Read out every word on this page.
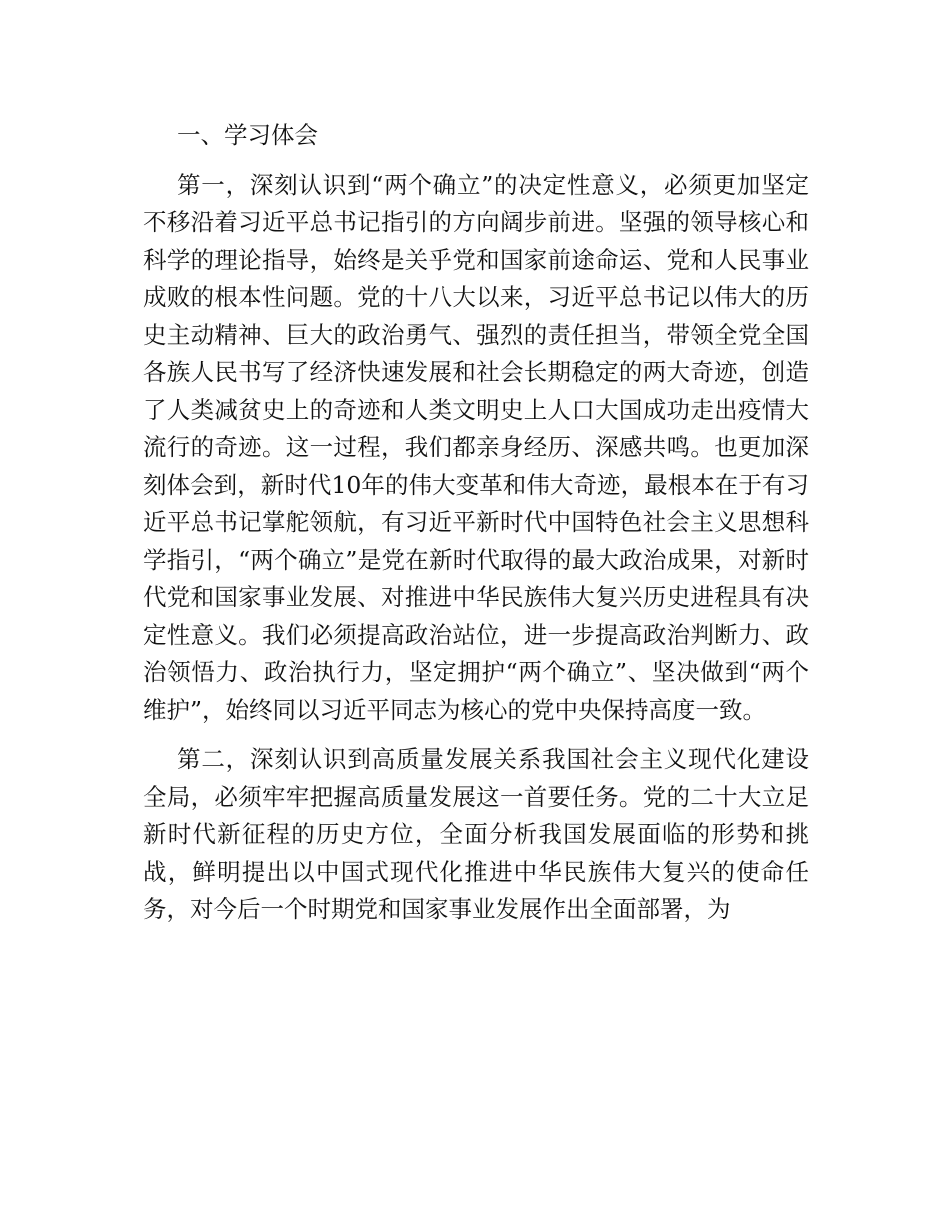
一、学习体会

第一，深刻认识到“两个确立”的决定性意义，必须更加坚定不移沿着习近平总书记指引的方向阔步前进。坚强的领导核心和科学的理论指导，始终是关乎党和国家前途命运、党和人民事业成败的根本性问题。党的十八大以来，习近平总书记以伟大的历史主动精神、巨大的政治勇气、强烈的责任担当，带领全党全国各族人民书写了经济快速发展和社会长期稳定的两大奇迹，创造了人类减贫史上的奇迹和人类文明史上人口大国成功走出疫情大流行的奇迹。这一过程，我们都亲身经历、深感共鸣。也更加深刻体会到，新时代10年的伟大变革和伟大奇迹，最根本在于有习近平总书记掌舵领航，有习近平新时代中国特色社会主义思想科学指引，“两个确立”是党在新时代取得的最大政治成果，对新时代党和国家事业发展、对推进中华民族伟大复兴历史进程具有决定性意义。我们必须提高政治站位，进一步提高政治判断力、政治领悟力、政治执行力，坚定拥护“两个确立”、坚决做到“两个维护”，始终同以习近平同志为核心的党中央保持高度一致。

第二，深刻认识到高质量发展关系我国社会主义现代化建设全局，必须牢牢把握高质量发展这一首要任务。党的二十大立足新时代新征程的历史方位，全面分析我国发展面临的形势和挑战，鲜明提出以中国式现代化推进中华民族伟大复兴的使命任务，对今后一个时期党和国家事业发展作出全面部署，为
